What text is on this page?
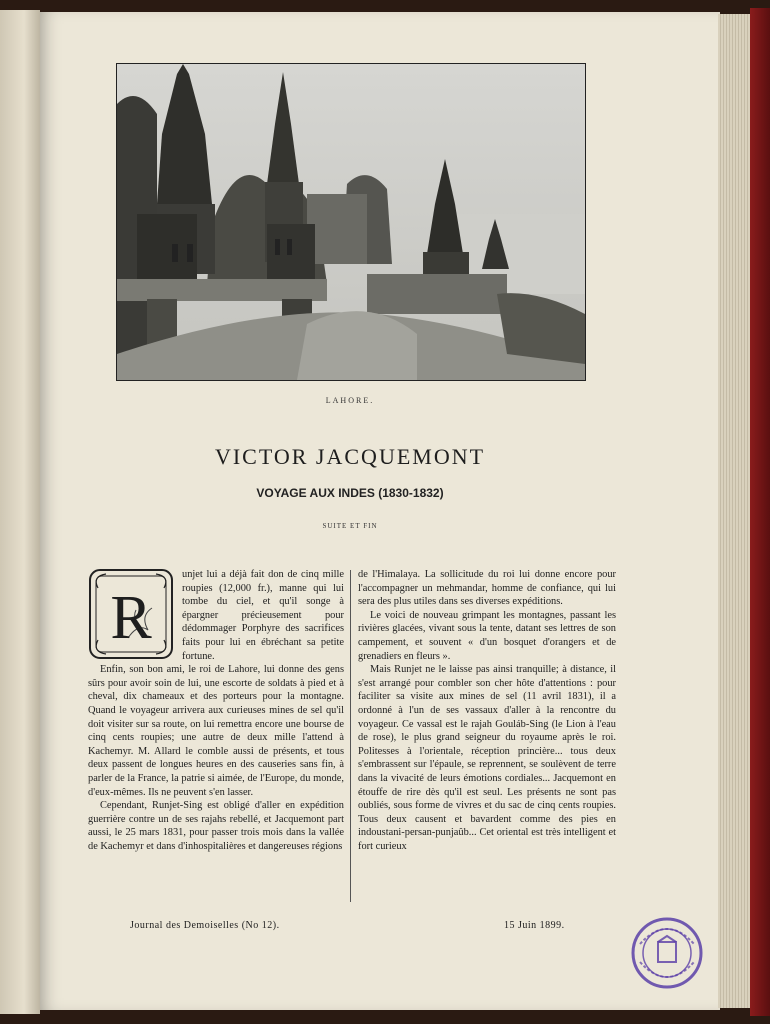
LAHORE.
VICTOR JACQUEMONT
VOYAGE AUX INDES (1830-1832)
SUITE ET FIN
R

unjet lui a déjà fait don de cinq mille roupies (12,000 fr.), manne qui lui tombe du ciel, et qu'il songe à épargner précieusement pour dédommager Porphyre des sacrifices faits pour lui en ébréchant sa petite fortune.

Enfin, son bon ami, le roi de Lahore, lui donne des gens sûrs pour avoir soin de lui, une escorte de soldats à pied et à cheval, dix chameaux et des porteurs pour la montagne. Quand le voyageur arrivera aux curieuses mines de sel qu'il doit visiter sur sa route, on lui remettra encore une bourse de cinq cents roupies; une autre de deux mille l'attend à Kachemyr. M. Allard le comble aussi de présents, et tous deux passent de longues heures en des causeries sans fin, à parler de la France, la patrie si aimée, de l'Europe, du monde, d'eux-mêmes. Ils ne peuvent s'en lasser.

Cependant, Runjet-Sing est obligé d'aller en expédition guerrière contre un de ses rajahs rebellé, et Jacquemont part aussi, le 25 mars 1831, pour passer trois mois dans la vallée de Kachemyr et dans d'inhospitalières et dangereuses régions

de l'Himalaya. La sollicitude du roi lui donne encore pour l'accompagner un mehmandar, homme de confiance, qui lui sera des plus utiles dans ses diverses expéditions.

Le voici de nouveau grimpant les montagnes, passant les rivières glacées, vivant sous la tente, datant ses lettres de son campement, et souvent « d'un bosquet d'orangers et de grenadiers en fleurs ».

Mais Runjet ne le laisse pas ainsi tranquille; à distance, il s'est arrangé pour combler son cher hôte d'attentions : pour faciliter sa visite aux mines de sel (11 avril 1831), il a ordonné à l'un de ses vassaux d'aller à la rencontre du voyageur. Ce vassal est le rajah Gouláb-Sing (le Lion à l'eau de rose), le plus grand seigneur du royaume après le roi. Politesses à l'orientale, réception princière... tous deux s'embrassent sur l'épaule, se reprennent, se soulèvent de terre dans la vivacité de leurs émotions cordiales... Jacquemont en étouffe de rire dès qu'il est seul. Les présents ne sont pas oubliés, sous forme de vivres et du sac de cinq cents roupies. Tous deux causent et bavardent comme des pies en indoustani-persan-punjaûb... Cet oriental est très intelligent et fort curieux

Journal des Demoiselles (No 12).	15 Juin 1899.
